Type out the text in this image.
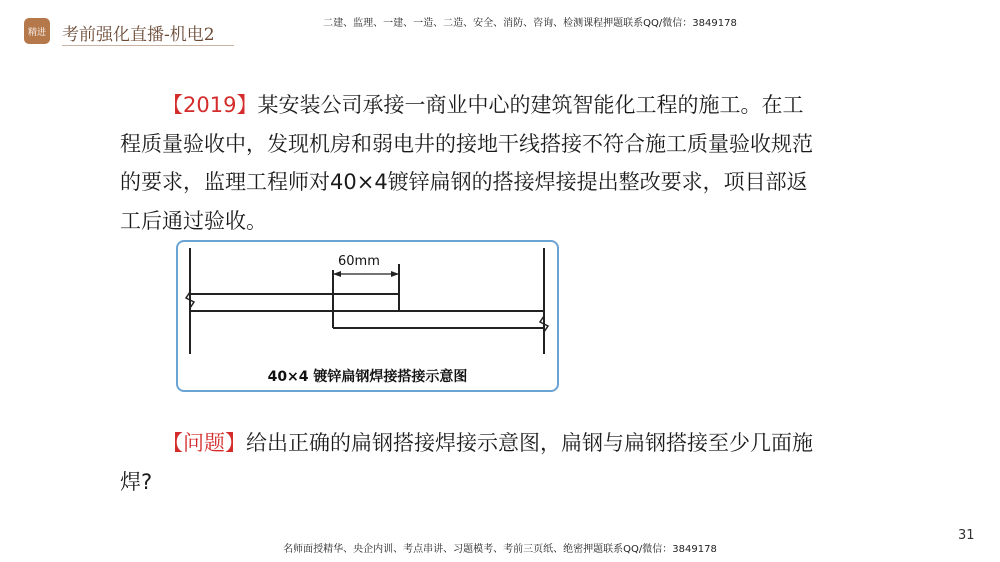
精进 考前强化直播-机电2
二建、监理、一建、一造、二造、安全、消防、咨询、检测课程押题联系QQ/微信：3849178
【2019】某安装公司承接一商业中心的建筑智能化工程的施工。在工程质量验收中，发现机房和弱电井的接地干线搭接不符合施工质量验收规范的要求，监理工程师对40×4镀锌扁钢的搭接焊接提出整改要求，项目部返工后通过验收。
60mm
40×4 镀锌扁钢焊接搭接示意图
【问题】给出正确的扁钢搭接焊接示意图，扁钢与扁钢搭接至少几面施焊?
名师面授精华、央企内训、考点串讲、习题模考、考前三页纸、绝密押题联系QQ/微信：3849178
31
